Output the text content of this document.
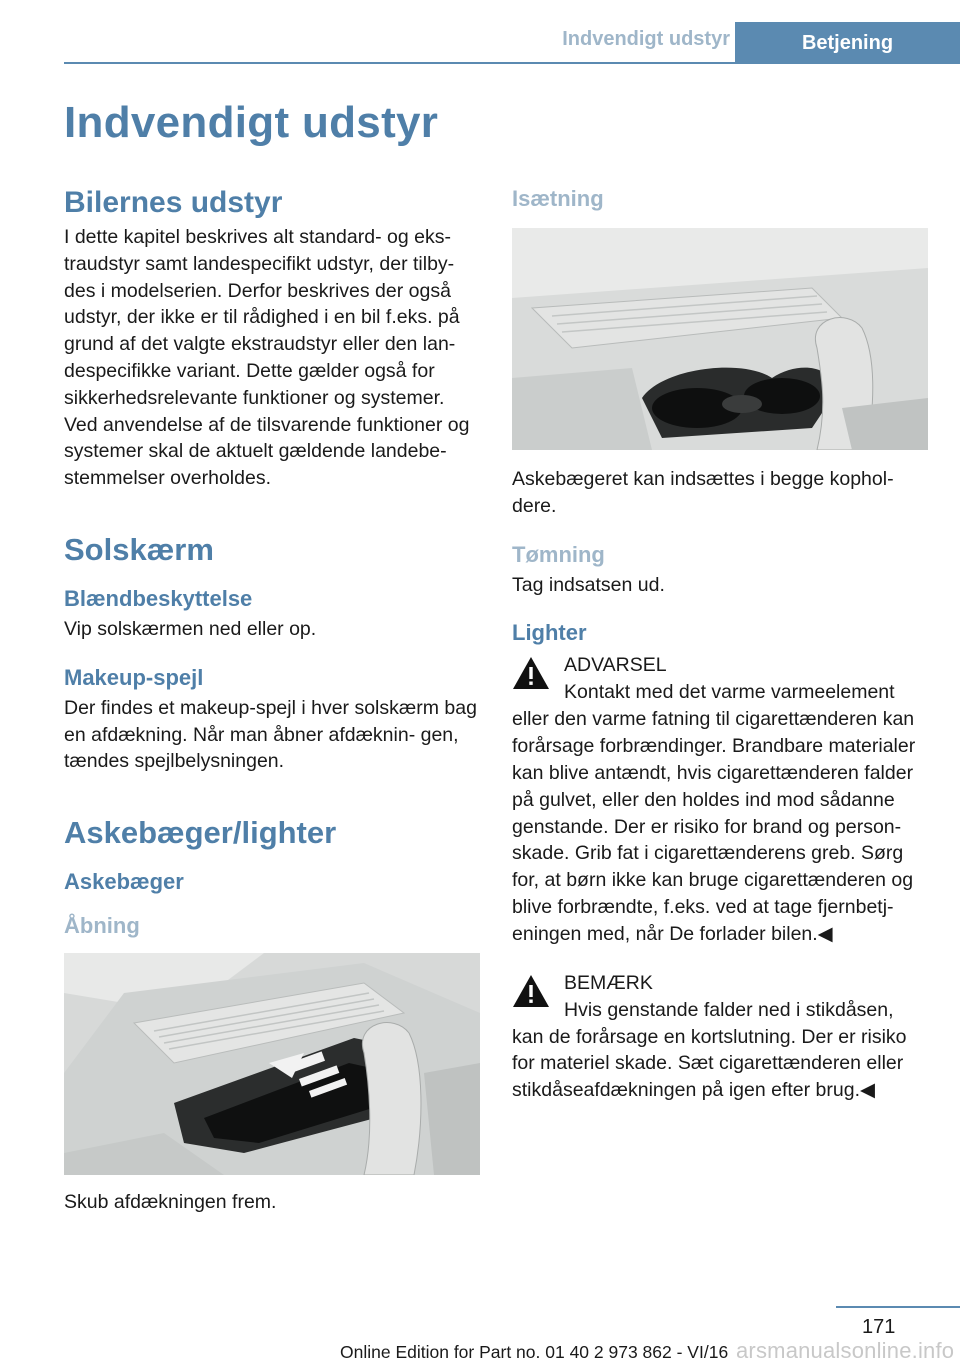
Indvendigt udstyr	Betjening
Indvendigt udstyr
Bilernes udstyr

I dette kapitel beskrives alt standard- og eks‐ traudstyr samt landespecifikt udstyr, der tilby‐ des i modelserien. Derfor beskrives der også udstyr, der ikke er til rådighed i en bil f.eks. på grund af det valgte ekstraudstyr eller den lan‐ despecifikke variant. Dette gælder også for sikkerhedsrelevante funktioner og systemer. Ved anvendelse af de tilsvarende funktioner og systemer skal de aktuelt gældende landebe‐ stemmelser overholdes.

Solskærm
Blændbeskyttelse

Vip solskærmen ned eller op.

Makeup-spejl

Der findes et makeup-spejl i hver solskærm bag en afdækning. Når man åbner afdæknin‐ gen, tændes spejlbelysningen.

Askebæger/lighter
Askebæger
Åbning

Skub afdækningen frem.

Isætning

Askebægeret kan indsættes i begge kophol‐ dere.

Tømning

Tag indsatsen ud.

Lighter
ADVARSEL
Kontakt med det varme varmeelement

eller den varme fatning til cigarettænderen kan forårsage forbrændinger. Brandbare materialer kan blive antændt, hvis cigarettænderen falder på gulvet, eller den holdes ind mod sådanne genstande. Der er risiko for brand og person‐ skade. Grib fat i cigarettænderens greb. Sørg for, at børn ikke kan bruge cigarettænderen og blive forbrændte, f.eks. ved at tage fjernbetj‐ eningen med, når De forlader bilen.◀

BEMÆRK
Hvis genstande falder ned i stikdåsen,

kan de forårsage en kortslutning. Der er risiko for materiel skade. Sæt cigarettænderen eller stikdåseafdækningen på igen efter brug.◀

171
Online Edition for Part no. 01 40 2 973 862 - VI/16 arsmanualsonline.info
